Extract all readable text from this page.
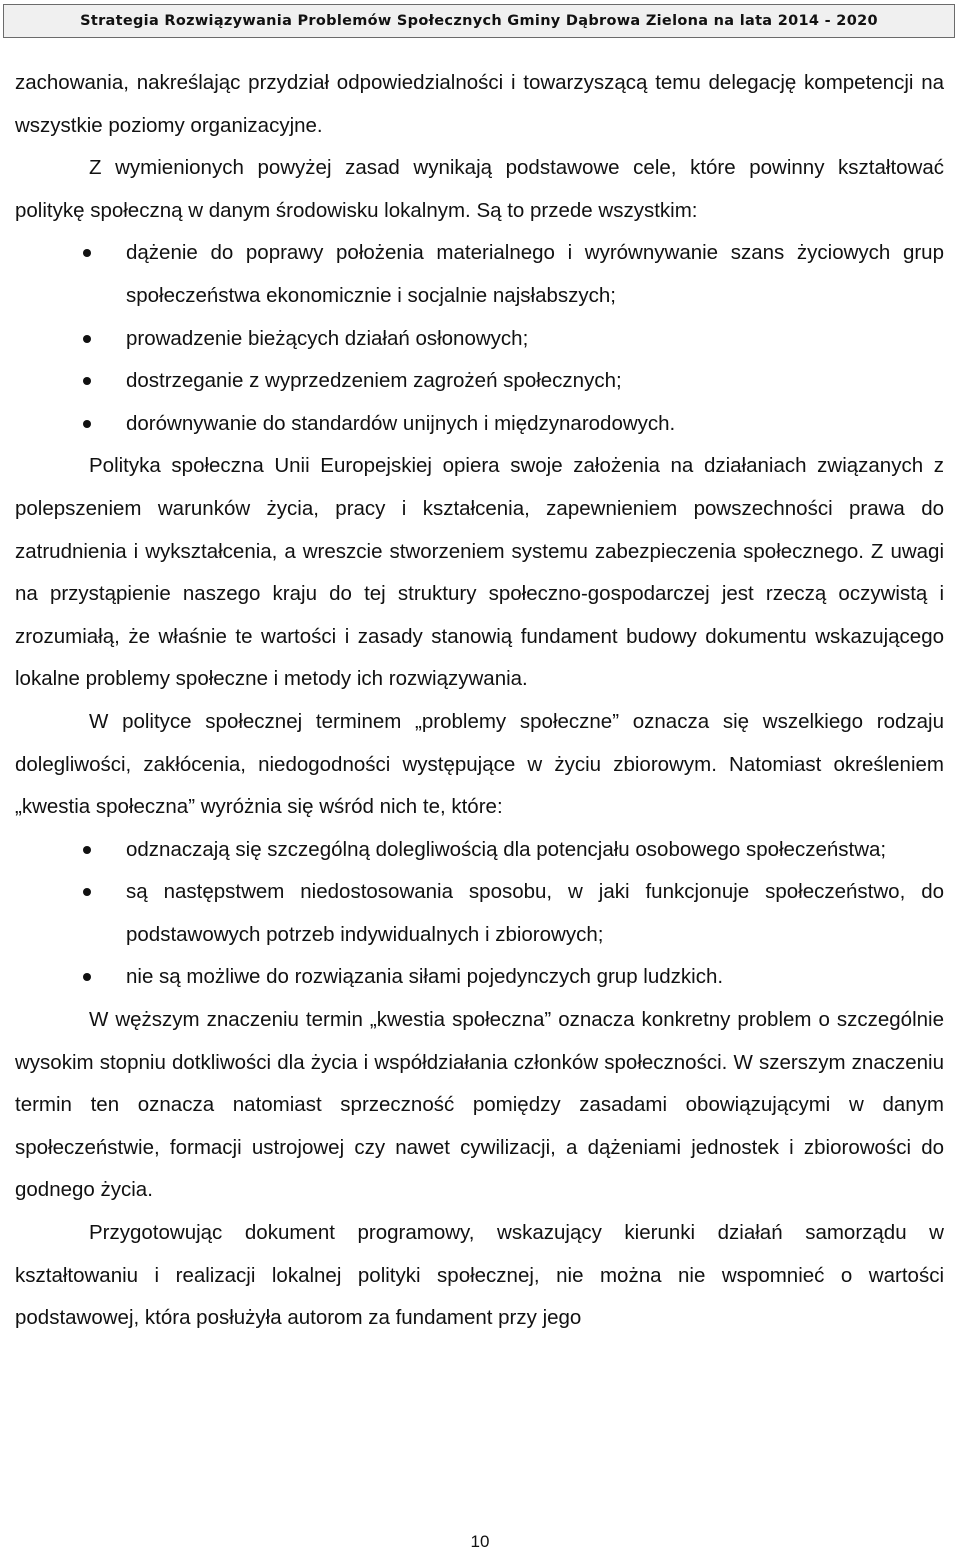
Strategia Rozwiązywania Problemów Społecznych Gminy Dąbrowa Zielona na lata 2014 - 2020

zachowania, nakreślając przydział odpowiedzialności i towarzyszącą temu delegację kompetencji na wszystkie poziomy organizacyjne.

Z wymienionych powyżej zasad wynikają podstawowe cele, które powinny kształtować politykę społeczną w danym środowisku lokalnym. Są to przede wszystkim:

dążenie do poprawy położenia materialnego i wyrównywanie szans życiowych grup społeczeństwa ekonomicznie i socjalnie najsłabszych;
prowadzenie bieżących działań osłonowych;
dostrzeganie z wyprzedzeniem zagrożeń społecznych;
dorównywanie do standardów unijnych i międzynarodowych.

Polityka społeczna Unii Europejskiej opiera swoje założenia na działaniach związanych z polepszeniem warunków życia, pracy i kształcenia, zapewnieniem powszechności prawa do zatrudnienia i wykształcenia, a wreszcie stworzeniem systemu zabezpieczenia społecznego. Z uwagi na przystąpienie naszego kraju do tej struktury społeczno-gospodarczej jest rzeczą oczywistą i zrozumiałą, że właśnie te wartości i zasady stanowią fundament budowy dokumentu wskazującego lokalne problemy społeczne i metody ich rozwiązywania.

W polityce społecznej terminem „problemy społeczne” oznacza się wszelkiego rodzaju dolegliwości, zakłócenia, niedogodności występujące w życiu zbiorowym. Natomiast określeniem „kwestia społeczna” wyróżnia się wśród nich te, które:

odznaczają się szczególną dolegliwością dla potencjału osobowego społeczeństwa;
są następstwem niedostosowania sposobu, w jaki funkcjonuje społeczeństwo, do podstawowych potrzeb indywidualnych i zbiorowych;
nie są możliwe do rozwiązania siłami pojedynczych grup ludzkich.

W węższym znaczeniu termin „kwestia społeczna” oznacza konkretny problem o szczególnie wysokim stopniu dotkliwości dla życia i współdziałania członków społeczności. W szerszym znaczeniu termin ten oznacza natomiast sprzeczność pomiędzy zasadami obowiązującymi w danym społeczeństwie, formacji ustrojowej czy nawet cywilizacji, a dążeniami jednostek i zbiorowości do godnego życia.

Przygotowując dokument programowy, wskazujący kierunki działań samorządu w kształtowaniu i realizacji lokalnej polityki społecznej, nie można nie wspomnieć o wartości podstawowej, która posłużyła autorom za fundament przy jego

10
